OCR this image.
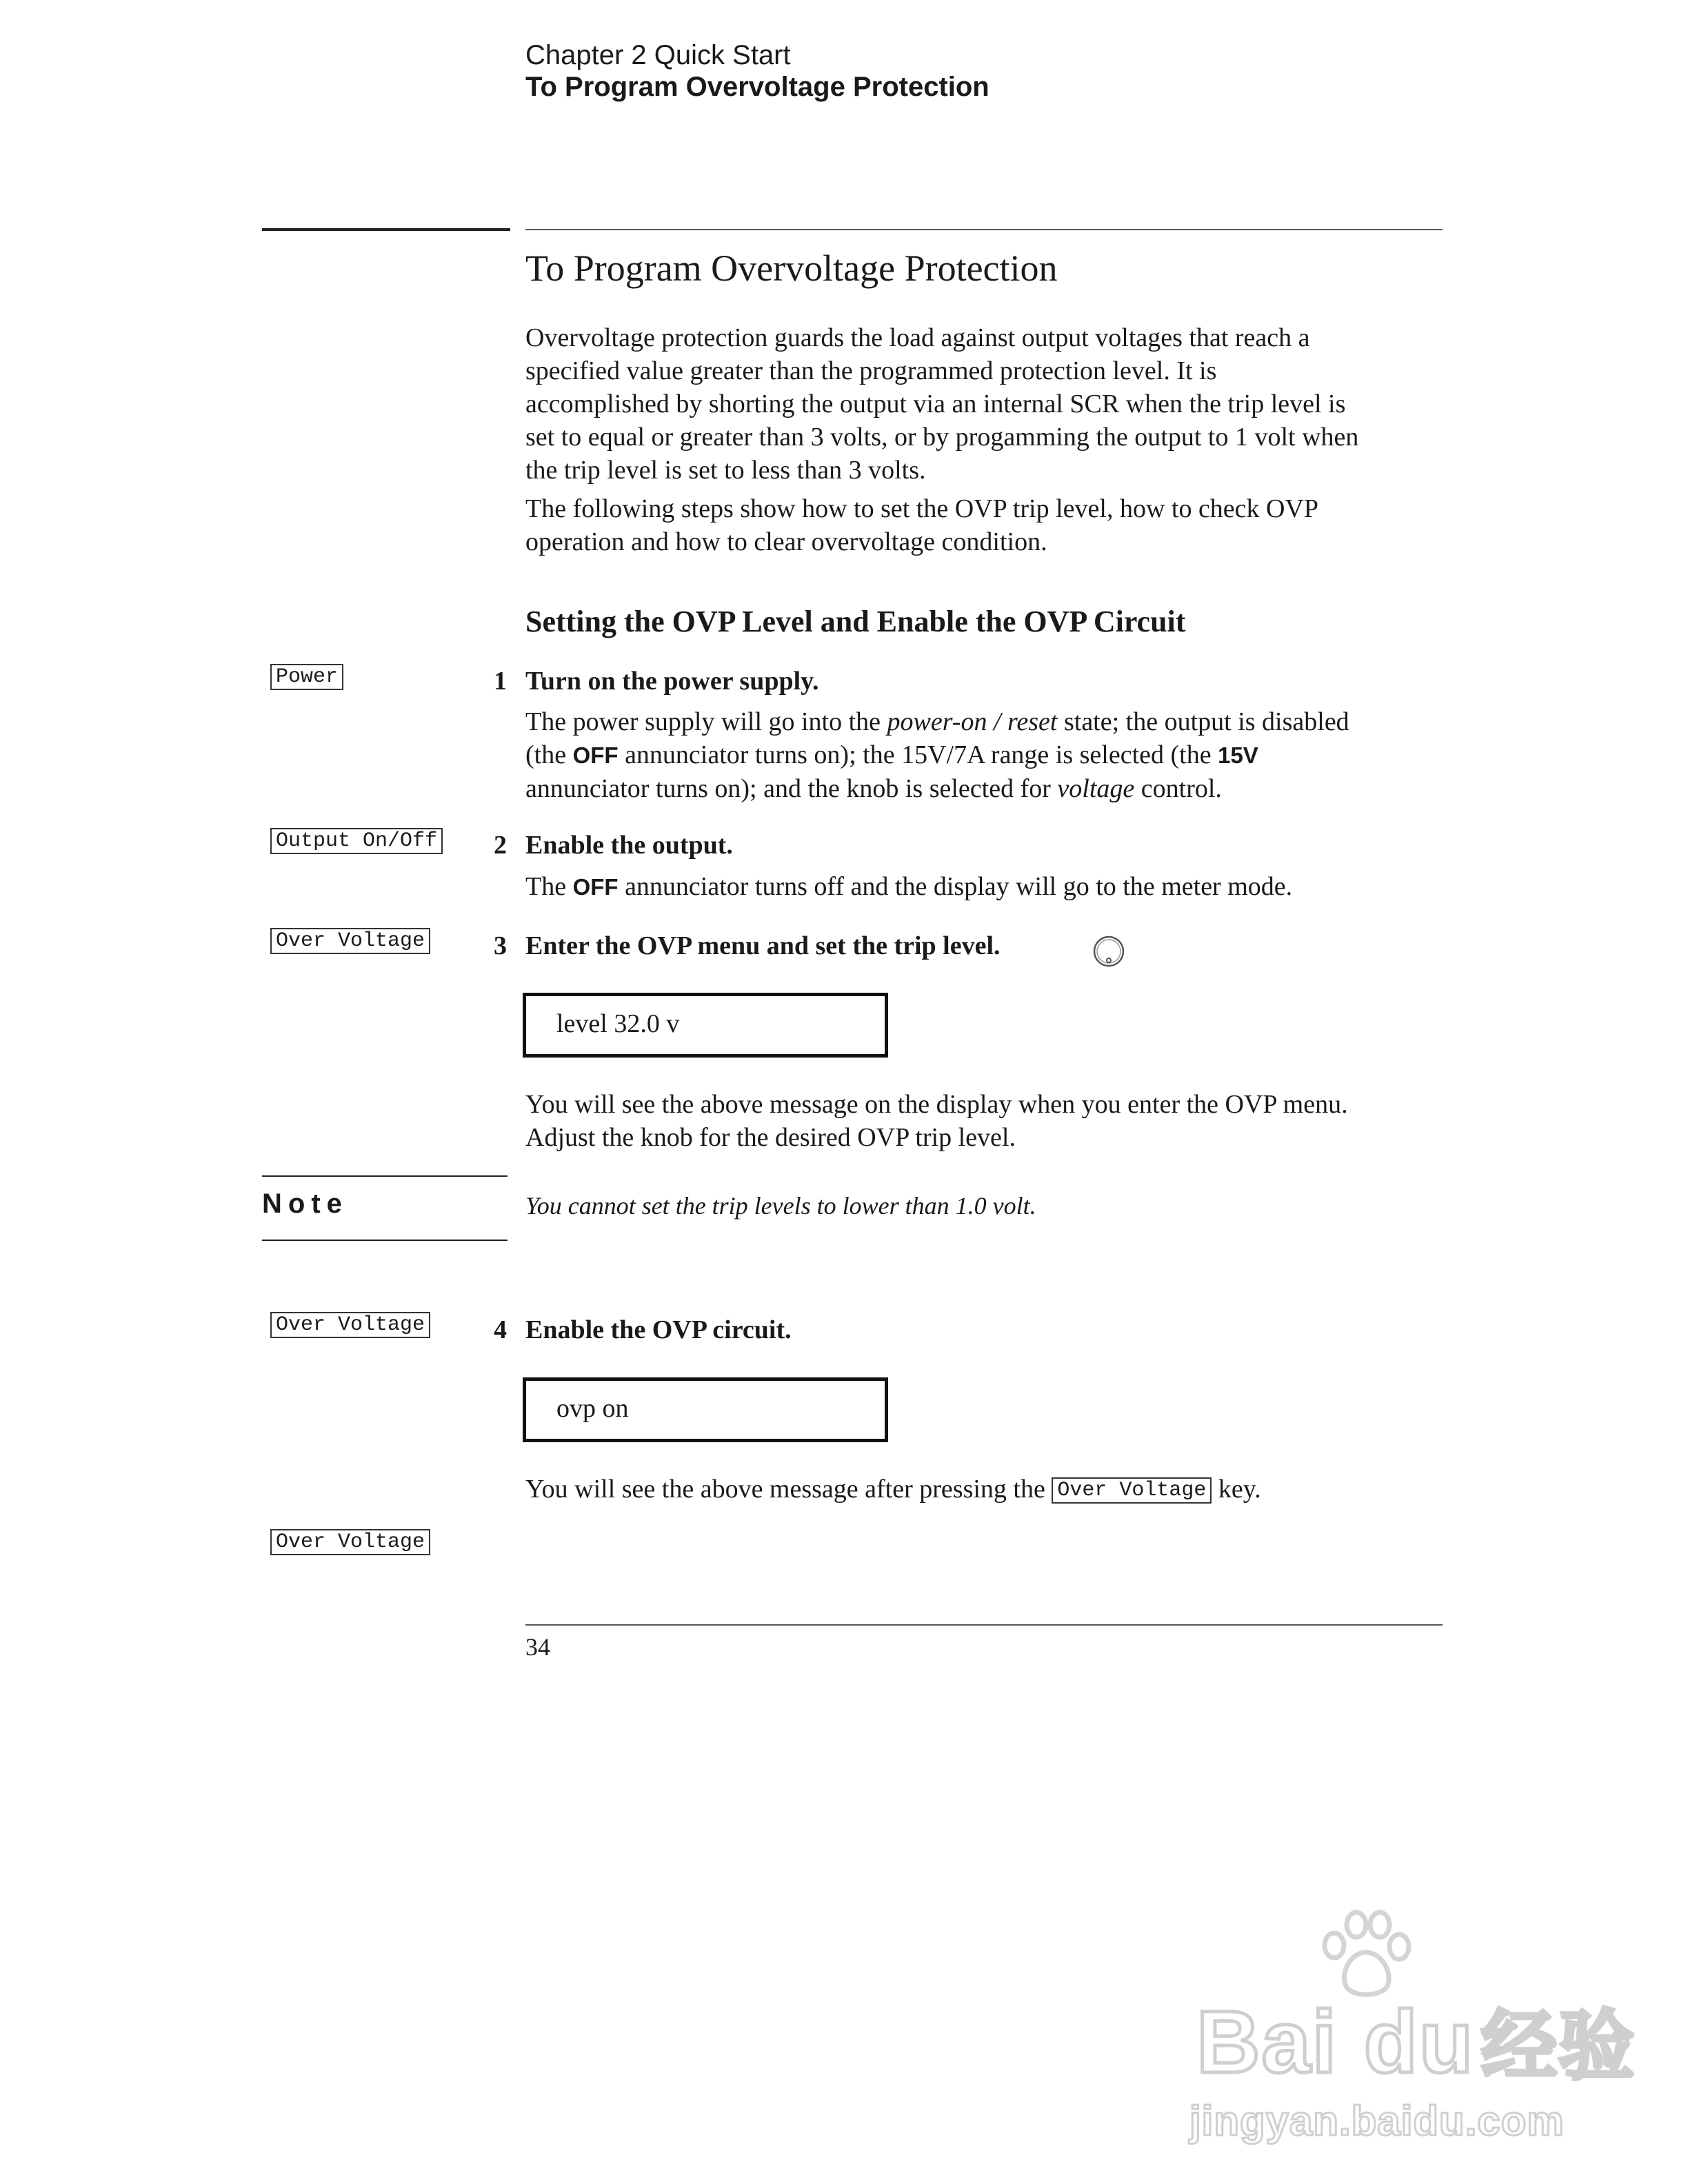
Chapter 2 Quick Start
To Program Overvoltage Protection
To Program Overvoltage Protection
Overvoltage protection guards the load against output voltages that reach a
specified value greater than the programmed protection level. It is
accomplished by shorting the output via an internal SCR when the trip level is
set to equal or greater than 3 volts, or by progamming the output to 1 volt when
the trip level is set to less than 3 volts.
The following steps show how to set the OVP trip level, how to check OVP
operation and how to clear overvoltage condition.
Setting the OVP Level and Enable the OVP Circuit
Power	1 Turn on the power supply.
The power supply will go into the power-on / reset state; the output is disabled
(the OFF annunciator turns on); the 15V/7A range is selected (the 15V
annunciator turns on); and the knob is selected for voltage control.
Output On/Off 2 Enable the output.
The OFF annunciator turns off and the display will go to the meter mode.
Over Voltage	3 Enter the OVP menu and set the trip level.
level 32.0 v
You will see the above message on the display when you enter the OVP menu.
Adjust the knob for the desired OVP trip level.
Note	You cannot set the trip levels to lower than 1.0 volt.
Over Voltage	4 Enable the OVP circuit.
ovp on
You will see the above message after pressing the Over Voltage key.
Over Voltage
34
Bai du经验
jingyan.baidu.com
